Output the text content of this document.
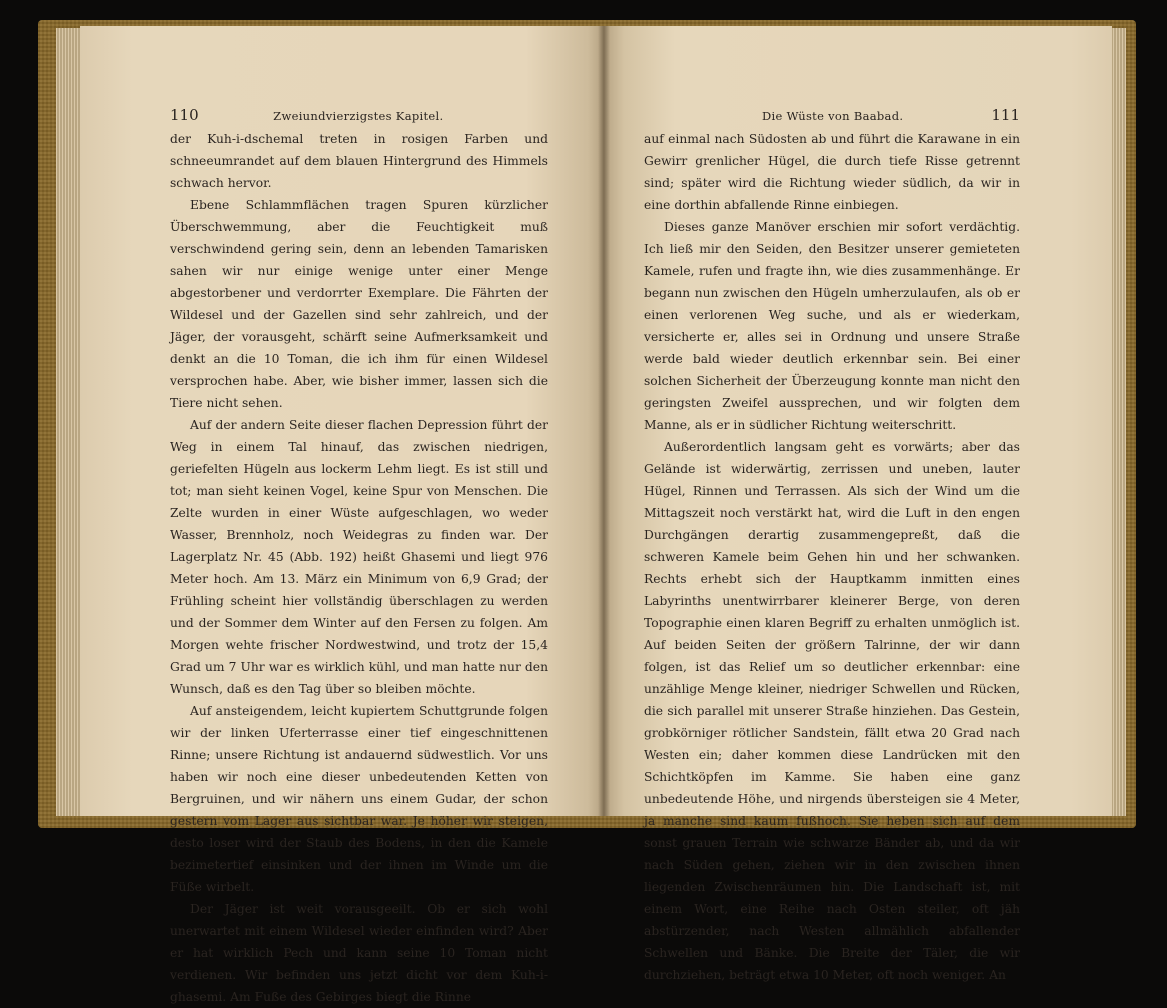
110	Zweiundvierzigstes Kapitel.

der Kuh-i-dschemal treten in rosigen Farben und schneeumrandet auf dem blauen Hintergrund des Himmels schwach hervor.

Ebene Schlammflächen tragen Spuren kürzlicher Überschwemmung, aber die Feuchtigkeit muß verschwindend gering sein, denn an lebenden Tamarisken sahen wir nur einige wenige unter einer Menge abgestorbener und verdorrter Exemplare. Die Fährten der Wildesel und der Gazellen sind sehr zahlreich, und der Jäger, der vorausgeht, schärft seine Aufmerksamkeit und denkt an die 10 Toman, die ich ihm für einen Wildesel versprochen habe. Aber, wie bisher immer, lassen sich die Tiere nicht sehen.

Auf der andern Seite dieser flachen Depression führt der Weg in einem Tal hinauf, das zwischen niedrigen, geriefelten Hügeln aus lockerm Lehm liegt. Es ist still und tot; man sieht keinen Vogel, keine Spur von Menschen. Die Zelte wurden in einer Wüste aufgeschlagen, wo weder Wasser, Brennholz, noch Weidegras zu finden war. Der Lagerplatz Nr. 45 (Abb. 192) heißt Ghasemi und liegt 976 Meter hoch. Am 13. März ein Minimum von 6,9 Grad; der Frühling scheint hier vollständig überschlagen zu werden und der Sommer dem Winter auf den Fersen zu folgen. Am Morgen wehte frischer Nordwestwind, und trotz der 15,4 Grad um 7 Uhr war es wirklich kühl, und man hatte nur den Wunsch, daß es den Tag über so bleiben möchte.

Auf ansteigendem, leicht kupiertem Schuttgrunde folgen wir der linken Uferterrasse einer tief eingeschnittenen Rinne; unsere Richtung ist andauernd südwestlich. Vor uns haben wir noch eine dieser unbedeutenden Ketten von Bergruinen, und wir nähern uns einem Gudar, der schon gestern vom Lager aus sichtbar war. Je höher wir steigen, desto loser wird der Staub des Bodens, in den die Kamele bezimetertief einsinken und der ihnen im Winde um die Füße wirbelt.

Der Jäger ist weit vorausgeeilt. Ob er sich wohl unerwartet mit einem Wildesel wieder einfinden wird? Aber er hat wirklich Pech und kann seine 10 Toman nicht verdienen. Wir befinden uns jetzt dicht vor dem Kuh-i-ghasemi. Am Fuße des Gebirges biegt die Rinne

Die Wüste von Baabad.	111

auf einmal nach Südosten ab und führt die Karawane in ein Gewirr grenlicher Hügel, die durch tiefe Risse getrennt sind; später wird die Richtung wieder südlich, da wir in eine dorthin abfallende Rinne einbiegen.

Dieses ganze Manöver erschien mir sofort verdächtig. Ich ließ mir den Seiden, den Besitzer unserer gemieteten Kamele, rufen und fragte ihn, wie dies zusammenhänge. Er begann nun zwischen den Hügeln umherzulaufen, als ob er einen verlorenen Weg suche, und als er wiederkam, versicherte er, alles sei in Ordnung und unsere Straße werde bald wieder deutlich erkennbar sein. Bei einer solchen Sicherheit der Überzeugung konnte man nicht den geringsten Zweifel aussprechen, und wir folgten dem Manne, als er in südlicher Richtung weiterschritt.

Außerordentlich langsam geht es vorwärts; aber das Gelände ist widerwärtig, zerrissen und uneben, lauter Hügel, Rinnen und Terrassen. Als sich der Wind um die Mittagszeit noch verstärkt hat, wird die Luft in den engen Durchgängen derartig zusammengepreßt, daß die schweren Kamele beim Gehen hin und her schwanken. Rechts erhebt sich der Hauptkamm inmitten eines Labyrinths unentwirrbarer kleinerer Berge, von deren Topographie einen klaren Begriff zu erhalten unmöglich ist. Auf beiden Seiten der größern Talrinne, der wir dann folgen, ist das Relief um so deutlicher erkennbar: eine unzählige Menge kleiner, niedriger Schwellen und Rücken, die sich parallel mit unserer Straße hinziehen. Das Gestein, grobkörniger rötlicher Sandstein, fällt etwa 20 Grad nach Westen ein; daher kommen diese Landrücken mit den Schichtköpfen im Kamme. Sie haben eine ganz unbedeutende Höhe, und nirgends übersteigen sie 4 Meter, ja manche sind kaum fußhoch. Sie heben sich auf dem sonst grauen Terrain wie schwarze Bänder ab, und da wir nach Süden gehen, ziehen wir in den zwischen ihnen liegenden Zwischenräumen hin. Die Landschaft ist, mit einem Wort, eine Reihe nach Osten steiler, oft jäh abstürzender, nach Westen allmählich abfallender Schwellen und Bänke. Die Breite der Täler, die wir durchziehen, beträgt etwa 10 Meter, oft noch weniger. An
